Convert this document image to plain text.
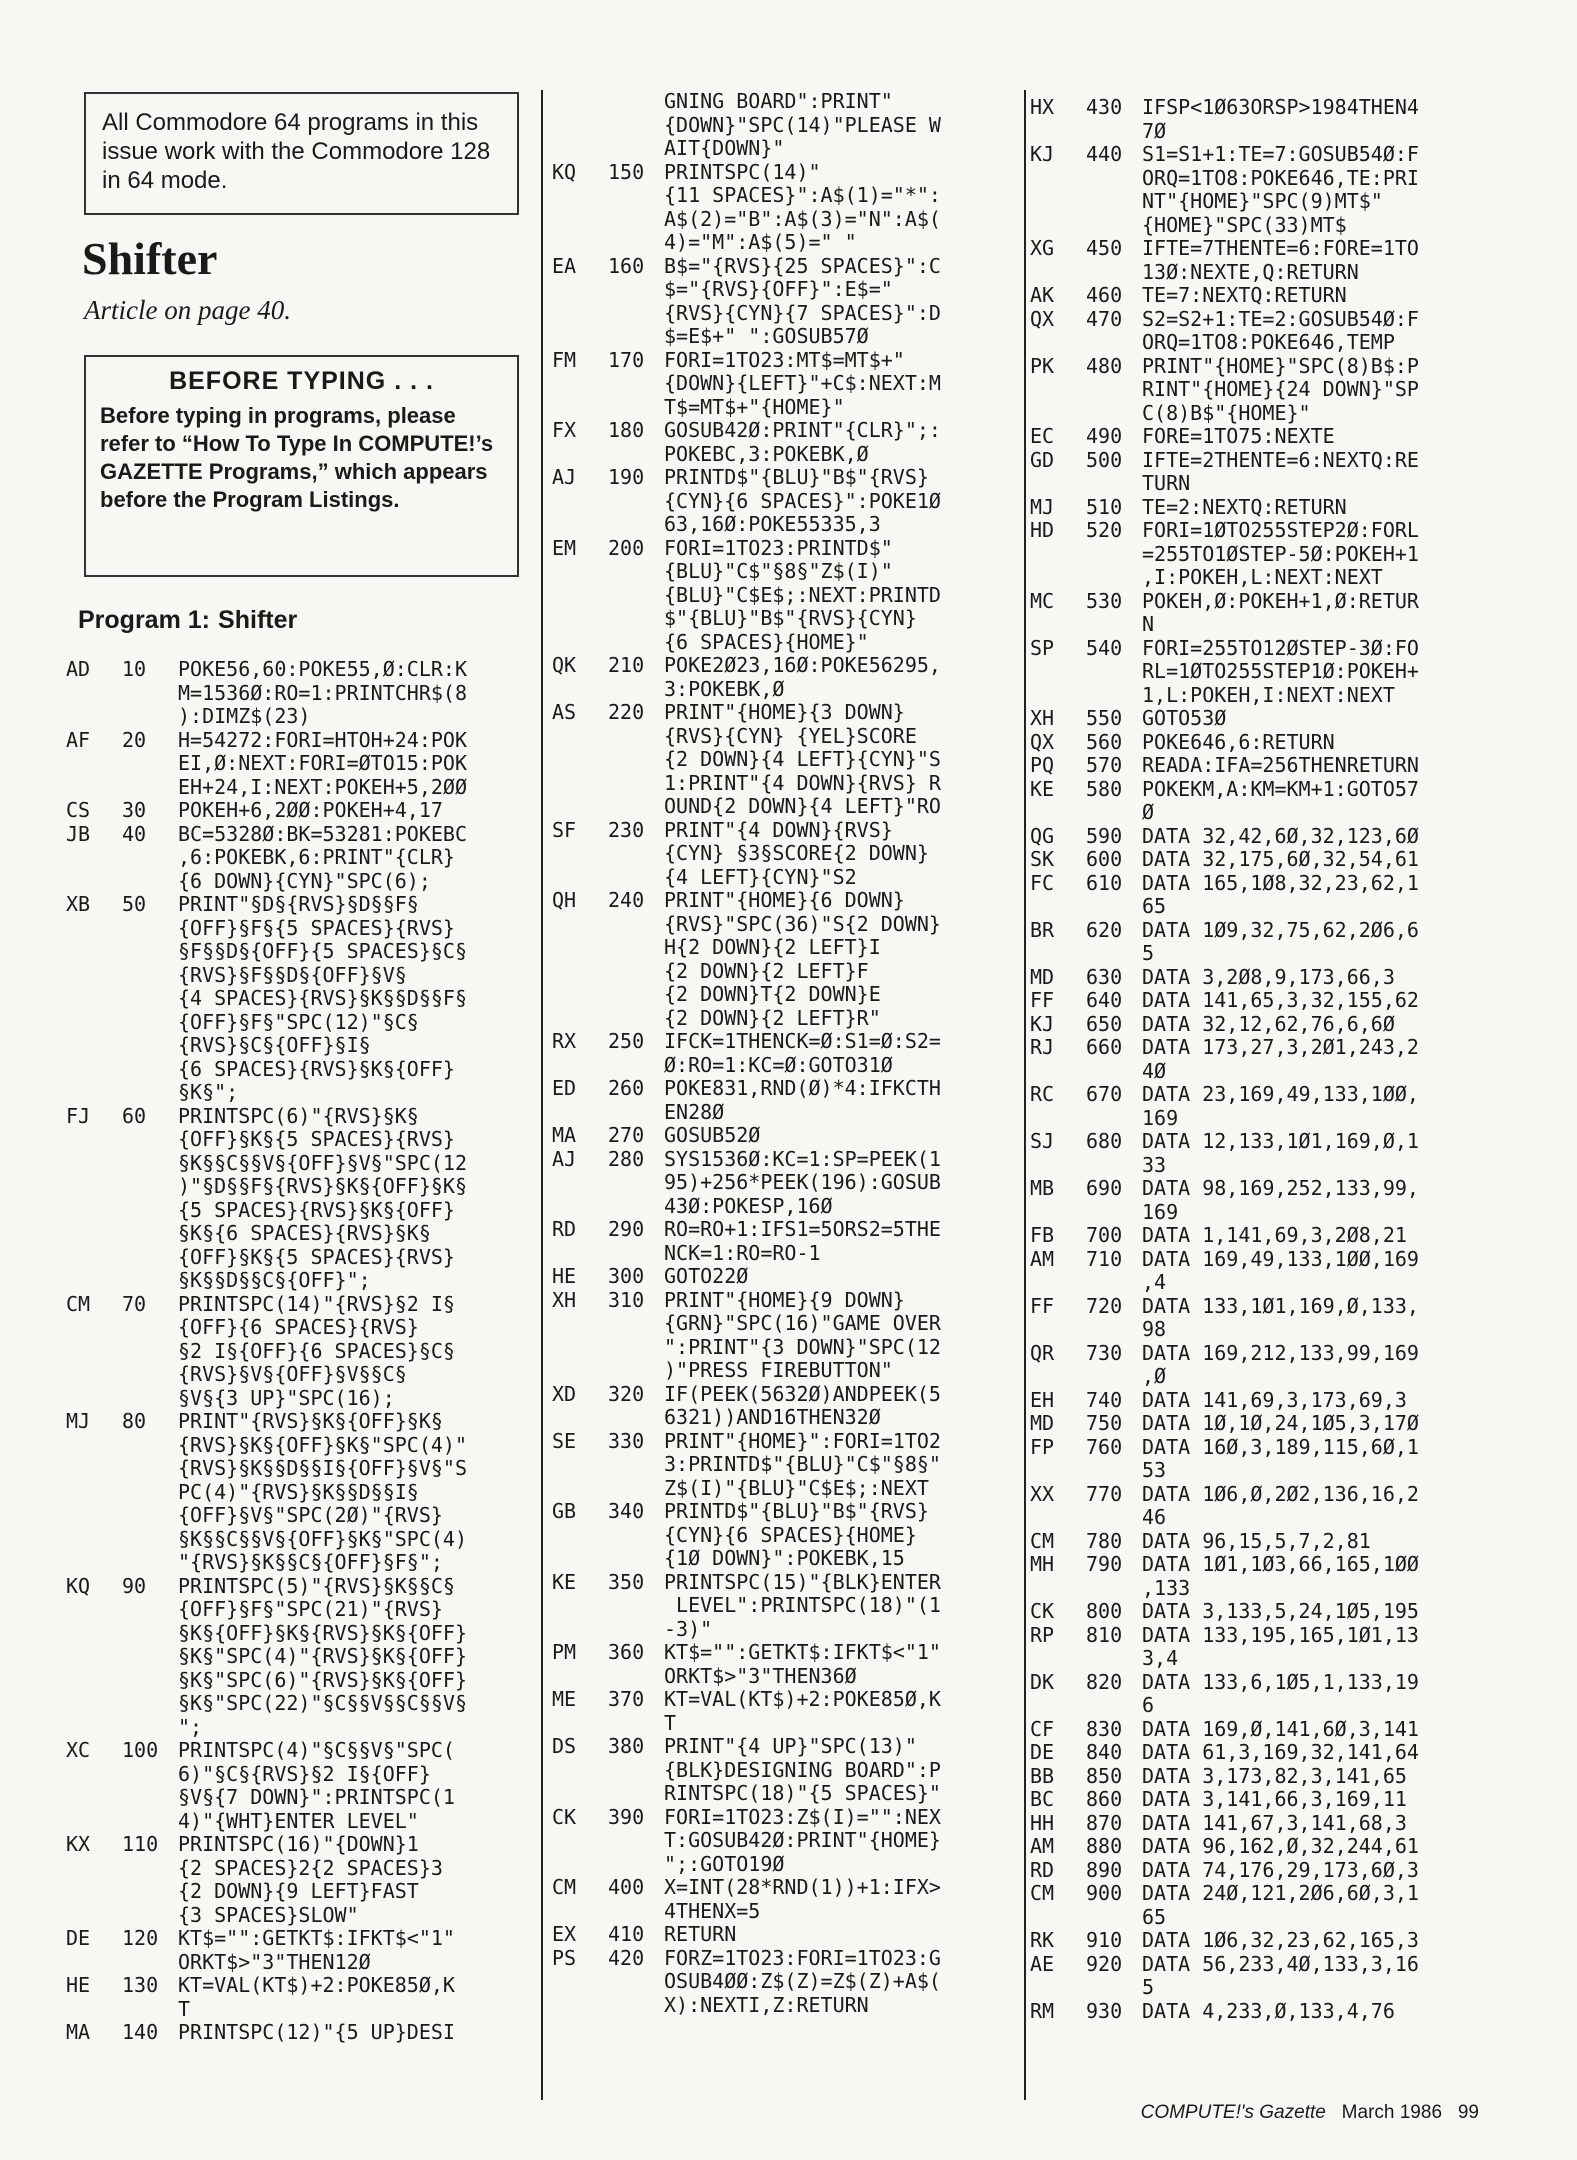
All Commodore 64 programs in this issue work with the Commodore 128 in 64 mode.
Shifter
Article on page 40.
BEFORE TYPING . . .

Before typing in programs, please refer to “How To Type In COMPUTE!’s GAZETTE Programs,” which appears before the Program Listings.

Program 1: Shifter
AD	10	POKE56,60:POKE55,Ø:CLR:K
M=1536Ø:RO=1:PRINTCHR$(8
):DIMZ$(23)
AF	20	H=54272:FORI=HTOH+24:POK
EI,Ø:NEXT:FORI=ØTO15:POK
EH+24,I:NEXT:POKEH+5,2ØØ
CS	30	POKEH+6,2ØØ:POKEH+4,17
JB	40	BC=5328Ø:BK=53281:POKEBC
,6:POKEBK,6:PRINT"{CLR}
{6 DOWN}{CYN}"SPC(6);
XB	50	PRINT"§D§{RVS}§D§§F§
{OFF}§F§{5 SPACES}{RVS}
§F§§D§{OFF}{5 SPACES}§C§
{RVS}§F§§D§{OFF}§V§
{4 SPACES}{RVS}§K§§D§§F§
{OFF}§F§"SPC(12)"§C§
{RVS}§C§{OFF}§I§
{6 SPACES}{RVS}§K§{OFF}
§K§";
FJ	60	PRINTSPC(6)"{RVS}§K§
{OFF}§K§{5 SPACES}{RVS}
§K§§C§§V§{OFF}§V§"SPC(12
)"§D§§F§{RVS}§K§{OFF}§K§
{5 SPACES}{RVS}§K§{OFF}
§K§{6 SPACES}{RVS}§K§
{OFF}§K§{5 SPACES}{RVS}
§K§§D§§C§{OFF}";
CM	70	PRINTSPC(14)"{RVS}§2 I§
{OFF}{6 SPACES}{RVS}
§2 I§{OFF}{6 SPACES}§C§
{RVS}§V§{OFF}§V§§C§
§V§{3 UP}"SPC(16);
MJ	80	PRINT"{RVS}§K§{OFF}§K§
{RVS}§K§{OFF}§K§"SPC(4)"
{RVS}§K§§D§§I§{OFF}§V§"S
PC(4)"{RVS}§K§§D§§I§
{OFF}§V§"SPC(2Ø)"{RVS}
§K§§C§§V§{OFF}§K§"SPC(4)
"{RVS}§K§§C§{OFF}§F§";
KQ	90	PRINTSPC(5)"{RVS}§K§§C§
{OFF}§F§"SPC(21)"{RVS}
§K§{OFF}§K§{RVS}§K§{OFF}
§K§"SPC(4)"{RVS}§K§{OFF}
§K§"SPC(6)"{RVS}§K§{OFF}
§K§"SPC(22)"§C§§V§§C§§V§
";
XC	100 PRINTSPC(4)"§C§§V§"SPC(
6)"§C§{RVS}§2 I§{OFF}
§V§{7 DOWN}":PRINTSPC(1
4)"{WHT}ENTER LEVEL"
KX	110 PRINTSPC(16)"{DOWN}1
{2 SPACES}2{2 SPACES}3
{2 DOWN}{9 LEFT}FAST
{3 SPACES}SLOW"
DE	120 KT$="":GETKT$:IFKT$<"1"
ORKT$>"3"THEN12Ø
HE	130 KT=VAL(KT$)+2:POKE85Ø,K
T
MA	140 PRINTSPC(12)"{5 UP}DESI
GNING BOARD":PRINT"
{DOWN}"SPC(14)"PLEASE W
AIT{DOWN}"
KQ	150 PRINTSPC(14)"
{11 SPACES}":A$(1)="*":
A$(2)="B":A$(3)="N":A$(
4)="M":A$(5)=" "
EA	160 B$="{RVS}{25 SPACES}":C
$="{RVS}{OFF}":E$="
{RVS}{CYN}{7 SPACES}":D
$=E$+" ":GOSUB57Ø
FM	170 FORI=1TO23:MT$=MT$+"
{DOWN}{LEFT}"+C$:NEXT:M
T$=MT$+"{HOME}"
FX	180 GOSUB42Ø:PRINT"{CLR}";:
POKEBC,3:POKEBK,Ø
AJ	190 PRINTD$"{BLU}"B$"{RVS}
{CYN}{6 SPACES}":POKE1Ø
63,16Ø:POKE55335,3
EM	200 FORI=1TO23:PRINTD$"
{BLU}"C$"§8§"Z$(I)"
{BLU}"C$E$;:NEXT:PRINTD
$"{BLU}"B$"{RVS}{CYN}
{6 SPACES}{HOME}"
QK	210 POKE2Ø23,16Ø:POKE56295,
3:POKEBK,Ø
AS	220 PRINT"{HOME}{3 DOWN}
{RVS}{CYN} {YEL}SCORE
{2 DOWN}{4 LEFT}{CYN}"S
1:PRINT"{4 DOWN}{RVS} R
OUND{2 DOWN}{4 LEFT}"RO
SF	230 PRINT"{4 DOWN}{RVS}
{CYN} §3§SCORE{2 DOWN}
{4 LEFT}{CYN}"S2
QH	240 PRINT"{HOME}{6 DOWN}
{RVS}"SPC(36)"S{2 DOWN}
H{2 DOWN}{2 LEFT}I
{2 DOWN}{2 LEFT}F
{2 DOWN}T{2 DOWN}E
{2 DOWN}{2 LEFT}R"
RX	250 IFCK=1THENCK=Ø:S1=Ø:S2=
Ø:RO=1:KC=Ø:GOTO31Ø
ED	260 POKE831,RND(Ø)*4:IFKCTH
EN28Ø
MA	270 GOSUB52Ø
AJ	280 SYS1536Ø:KC=1:SP=PEEK(1
95)+256*PEEK(196):GOSUB
43Ø:POKESP,16Ø
RD	290 RO=RO+1:IFS1=5ORS2=5THE
NCK=1:RO=RO-1
HE	300 GOTO22Ø
XH	310 PRINT"{HOME}{9 DOWN}
{GRN}"SPC(16)"GAME OVER
":PRINT"{3 DOWN}"SPC(12
)"PRESS FIREBUTTON"
XD	320 IF(PEEK(5632Ø)ANDPEEK(5
6321))AND16THEN32Ø
SE	330 PRINT"{HOME}":FORI=1TO2
3:PRINTD$"{BLU}"C$"§8§"
Z$(I)"{BLU}"C$E$;:NEXT
GB	340 PRINTD$"{BLU}"B$"{RVS}
{CYN}{6 SPACES}{HOME}
{1Ø DOWN}":POKEBK,15
KE	350 PRINTSPC(15)"{BLK}ENTER
LEVEL":PRINTSPC(18)"(1
-3)"
PM	360 KT$="":GETKT$:IFKT$<"1"
ORKT$>"3"THEN36Ø
ME	370 KT=VAL(KT$)+2:POKE85Ø,K
T
DS	380 PRINT"{4 UP}"SPC(13)"
{BLK}DESIGNING BOARD":P
RINTSPC(18)"{5 SPACES}"
CK	390 FORI=1TO23:Z$(I)="":NEX
T:GOSUB42Ø:PRINT"{HOME}
";:GOTO19Ø
CM	400 X=INT(28*RND(1))+1:IFX>
4THENX=5
EX	410 RETURN
PS	420 FORZ=1TO23:FORI=1TO23:G
OSUB4ØØ:Z$(Z)=Z$(Z)+A$(
X):NEXTI,Z:RETURN
HX	430 IFSP<1Ø63ORSP>1984THEN4
7Ø
KJ	440 S1=S1+1:TE=7:GOSUB54Ø:F
ORQ=1TO8:POKE646,TE:PRI
NT"{HOME}"SPC(9)MT$"
{HOME}"SPC(33)MT$
XG	450 IFTE=7THENTE=6:FORE=1TO
13Ø:NEXTE,Q:RETURN
AK	460 TE=7:NEXTQ:RETURN
QX	470 S2=S2+1:TE=2:GOSUB54Ø:F
ORQ=1TO8:POKE646,TEMP
PK	480 PRINT"{HOME}"SPC(8)B$:P
RINT"{HOME}{24 DOWN}"SP
C(8)B$"{HOME}"
EC	490 FORE=1TO75:NEXTE
GD	500 IFTE=2THENTE=6:NEXTQ:RE
TURN
MJ	510 TE=2:NEXTQ:RETURN
HD	520 FORI=1ØTO255STEP2Ø:FORL
=255TO1ØSTEP-5Ø:POKEH+1
,I:POKEH,L:NEXT:NEXT
MC	530 POKEH,Ø:POKEH+1,Ø:RETUR
N
SP	540 FORI=255TO12ØSTEP-3Ø:FO
RL=1ØTO255STEP1Ø:POKEH+
1,L:POKEH,I:NEXT:NEXT
XH	550 GOTO53Ø
QX	560 POKE646,6:RETURN
PQ	570 READA:IFA=256THENRETURN
KE	580 POKEKM,A:KM=KM+1:GOTO57
Ø
QG	590 DATA 32,42,6Ø,32,123,6Ø
SK	600 DATA 32,175,6Ø,32,54,61
FC	610 DATA 165,1Ø8,32,23,62,1
65
BR	620 DATA 1Ø9,32,75,62,2Ø6,6
5
MD	630 DATA 3,2Ø8,9,173,66,3
FF	640 DATA 141,65,3,32,155,62
KJ	650 DATA 32,12,62,76,6,6Ø
RJ	660 DATA 173,27,3,2Ø1,243,2
4Ø
RC	670 DATA 23,169,49,133,1ØØ,
169
SJ	680 DATA 12,133,1Ø1,169,Ø,1
33
MB	690 DATA 98,169,252,133,99,
169
FB	700 DATA 1,141,69,3,2Ø8,21
AM	710 DATA 169,49,133,1ØØ,169
,4
FF	720 DATA 133,1Ø1,169,Ø,133,
98
QR	730 DATA 169,212,133,99,169
,Ø
EH	740 DATA 141,69,3,173,69,3
MD	750 DATA 1Ø,1Ø,24,1Ø5,3,17Ø
FP	760 DATA 16Ø,3,189,115,6Ø,1
53
XX	770 DATA 1Ø6,Ø,2Ø2,136,16,2
46
CM	780 DATA 96,15,5,7,2,81
MH	790 DATA 1Ø1,1Ø3,66,165,1ØØ
,133
CK	800 DATA 3,133,5,24,1Ø5,195
RP	810 DATA 133,195,165,1Ø1,13
3,4
DK	820 DATA 133,6,1Ø5,1,133,19
6
CF	830 DATA 169,Ø,141,6Ø,3,141
DE	840 DATA 61,3,169,32,141,64
BB	850 DATA 3,173,82,3,141,65
BC	860 DATA 3,141,66,3,169,11
HH	870 DATA 141,67,3,141,68,3
AM	880 DATA 96,162,Ø,32,244,61
RD	890 DATA 74,176,29,173,6Ø,3
CM	900 DATA 24Ø,121,2Ø6,6Ø,3,1
65
RK	910 DATA 1Ø6,32,23,62,165,3
AE	920 DATA 56,233,4Ø,133,3,16
5
RM	930 DATA 4,233,Ø,133,4,76
COMPUTE!'s Gazette March 1986 99
